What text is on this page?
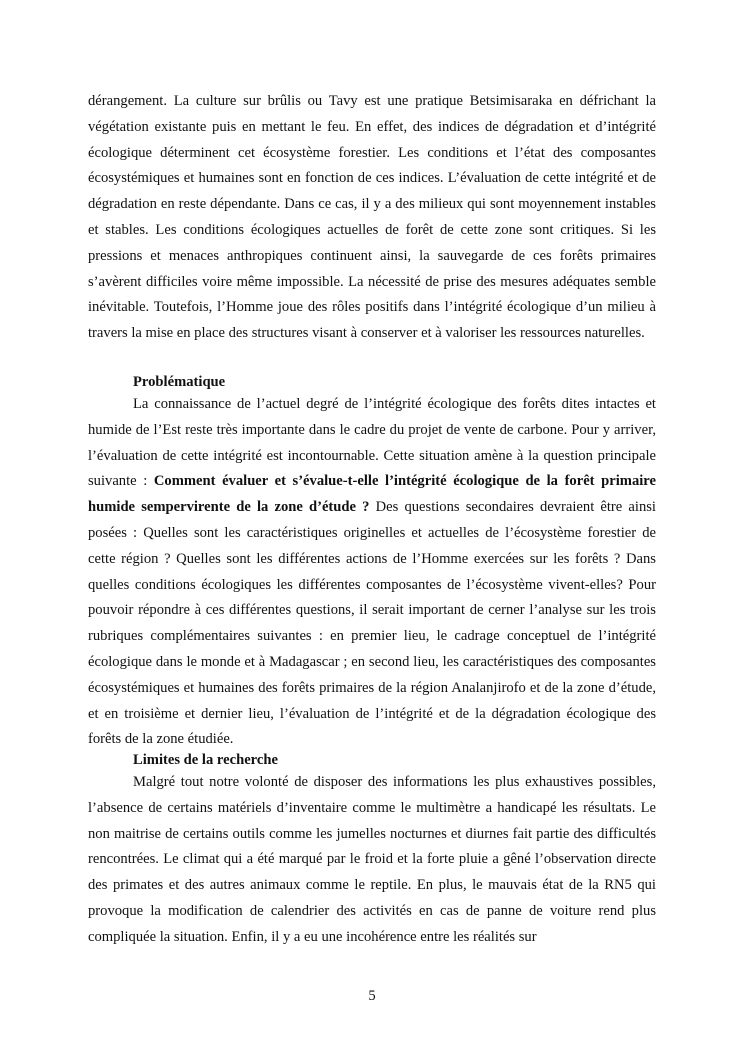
dérangement. La culture sur brûlis ou Tavy est une pratique Betsimisaraka en défrichant la végétation existante puis en mettant le feu. En effet, des indices de dégradation et d’intégrité écologique déterminent cet écosystème forestier. Les conditions et l’état des composantes écosystémiques et humaines sont en fonction de ces indices. L’évaluation de cette intégrité et de dégradation en reste dépendante. Dans ce cas, il y a des milieux qui sont moyennement instables et stables. Les conditions écologiques actuelles de forêt de cette zone sont critiques. Si les pressions et menaces anthropiques continuent ainsi, la sauvegarde de ces forêts primaires s’avèrent difficiles voire même impossible. La nécessité de prise des mesures adéquates semble inévitable. Toutefois, l’Homme joue des rôles positifs dans l’intégrité écologique d’un milieu à travers la mise en place des structures visant à conserver et à valoriser les ressources naturelles.

Problématique

La connaissance de l’actuel degré de l’intégrité écologique des forêts dites intactes et humide de l’Est reste très importante dans le cadre du projet de vente de carbone. Pour y arriver, l’évaluation de cette intégrité est incontournable. Cette situation amène à la question principale suivante : Comment évaluer et s’évalue-t-elle l’intégrité écologique de la forêt primaire humide sempervirente de la zone d’étude ? Des questions secondaires devraient être ainsi posées : Quelles sont les caractéristiques originelles et actuelles de l’écosystème forestier de cette région ? Quelles sont les différentes actions de l’Homme exercées sur les forêts ? Dans quelles conditions écologiques les différentes composantes de l’écosystème vivent-elles? Pour pouvoir répondre à ces différentes questions, il serait important de cerner l’analyse sur les trois rubriques complémentaires suivantes : en premier lieu, le cadrage conceptuel de l’intégrité écologique dans le monde et à Madagascar ; en second lieu, les caractéristiques des composantes écosystémiques et humaines des forêts primaires de la région Analanjirofo et de la zone d’étude, et en troisième et dernier lieu, l’évaluation de l’intégrité et de la dégradation écologique des forêts de la zone étudiée.

Limites de la recherche

Malgré tout notre volonté de disposer des informations les plus exhaustives possibles, l’absence de certains matériels d’inventaire comme le multimètre a handicapé les résultats. Le non maitrise de certains outils comme les jumelles nocturnes et diurnes fait partie des difficultés rencontrées. Le climat qui a été marqué par le froid et la forte pluie a gêné l’observation directe des primates et des autres animaux comme le reptile. En plus, le mauvais état de la RN5 qui provoque la modification de calendrier des activités en cas de panne de voiture rend plus compliquée la situation. Enfin, il y a eu une incohérence entre les réalités sur

5
